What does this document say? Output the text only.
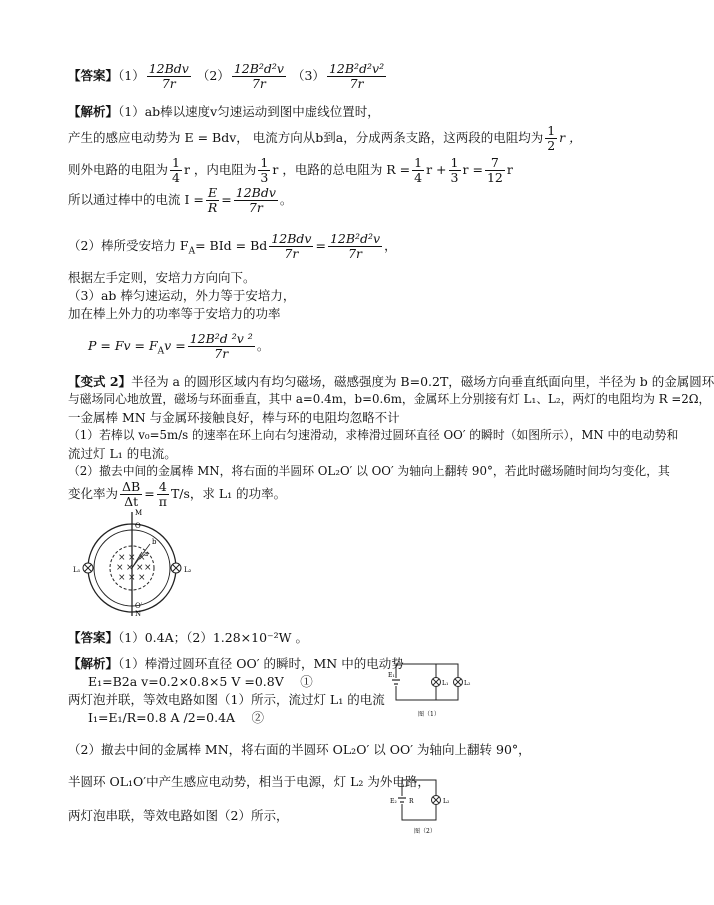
【答案】$(1) \frac{\text{12Bdv}}{7r} (2) \frac{\text{12B²d²v}}{7r} (3) \frac{\text{12B²d²v²}}{7r}$
【解析】（1）ab棒以速度v匀速运动到图中虚线位置时，
产生的感应电动势为 E = Bdv， 电流方向从b到a，分成两条支路，这两段的电阻均为 $\frac{1}{2}$ r ，
则外电路的电阻为 $\frac{1}{4}$ r ，内电阻为 $\frac{1}{3}$ r ，电路的总电阻为 $R = \frac{1}{4}$ $r + \frac{1}{3}$ $r = \frac{7}{12}$ r
所以通过棒中的电流 $I = \frac{E}{R} = \frac{\text{12Bdv}}{7r}$ 。
（2）棒所受安培力 $F_A=$ BId = Bd $\frac{\text{12Bdv}}{7r} = \frac{\text{12B²d²v}}{7r}$ ，
根据左手定则，安培力方向向下。
（3）ab 棒匀速运动，外力等于安培力，
加在棒上外力的功率等于安培力的功率
$P = Fv = F_Av = \frac{\text{12B²d ²v ²}}{7r}$ 。
【变式 2】半径为 a 的圆形区域内有均匀磁场，磁感强度为 B=0.2T，磁场方向垂直纸面向里，半径为 b 的金属圆环
与磁场同心地放置，磁场与环面垂直，其中 a=0.4m，b=0.6m，金属环上分别接有灯 L₁、L₂，两灯的电阻均为 R =2Ω，
一金属棒 MN 与金属环接触良好，棒与环的电阻均忽略不计
（1）若棒以 v₀=5m/s 的速率在环上向右匀速滑动，求棒滑过圆环直径 OO′ 的瞬时（如图所示），MN 中的电动势和
流过灯 L₁ 的电流。
（2）撤去中间的金属棒 MN，将右面的半圆环 OL₂O′ 以 OO′ 为轴向上翻转 90°，若此时磁场随时间均匀变化，其
变化率为 $\frac{\Delta B}{\Delta t} = \frac{4}{\pi} T/s$，求 L₁ 的功率。
× × ×
× × × ×
× × ×
M
N
O
O′
a
b
L₁	L₂
【答案】（1）0.4A；（2）1.28×10⁻²W 。
【解析】（1）棒滑过圆环直径 OO′ 的瞬时，MN 中的电动势
E₁=B2a v=0.2×0.8×5 V =0.8V　 ①
两灯泡并联，等效电路如图（1）所示，流过灯 L₁ 的电流
I₁=E₁/R=0.8 A /2=0.4A　 ②
（2）撤去中间的金属棒 MN，将右面的半圆环 OL₂O′ 以 OO′ 为轴向上翻转 90°，
半圆环 OL₁O′中产生感应电动势，相当于电源，灯 L₂ 为外电路，
两灯泡串联，等效电路如图（2）所示，
E₁
L₁	L₂
图（1）
E₂ R	L₂
图（2）
